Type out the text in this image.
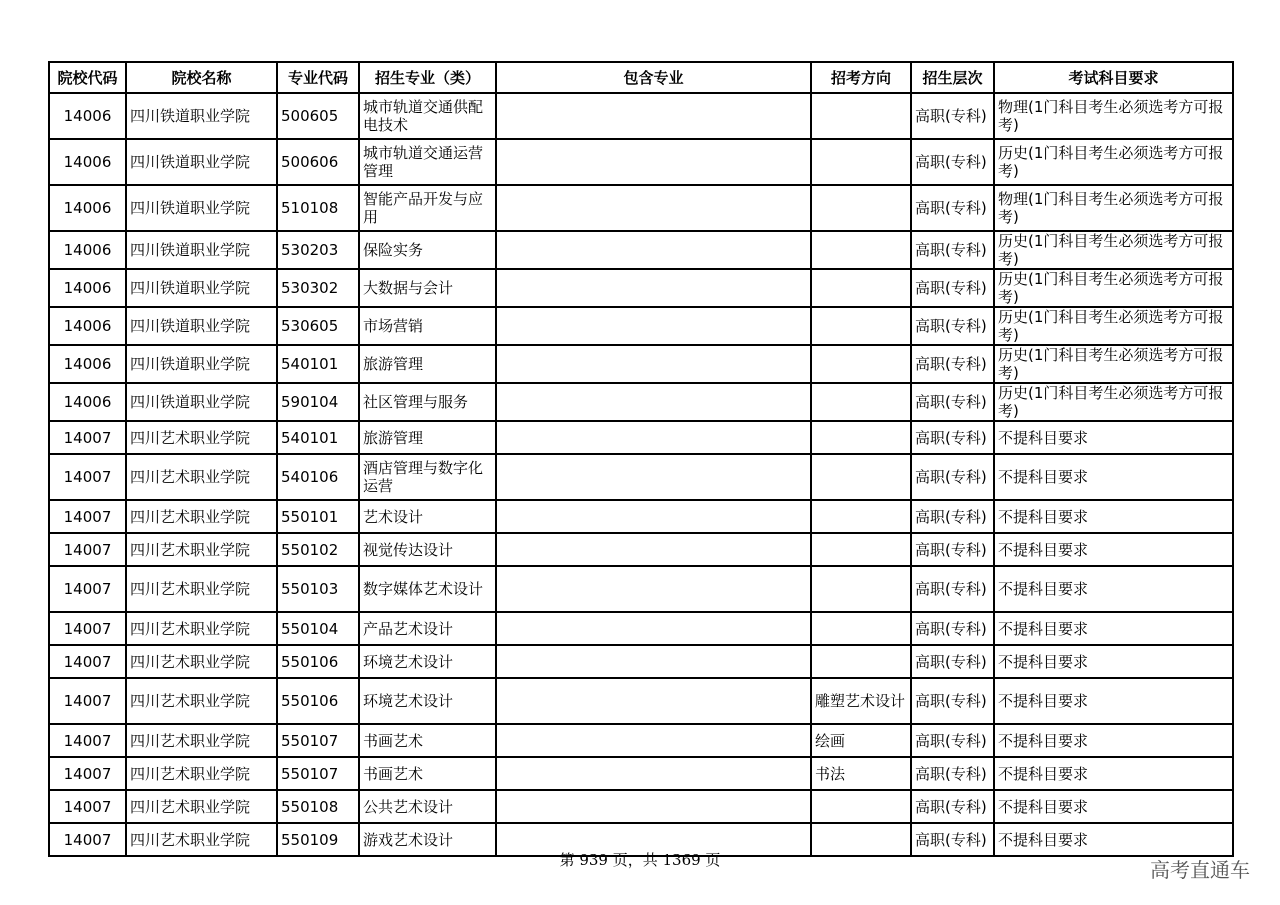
院校代码	院校名称	专业代码	招生专业（类）	包含专业	招考方向	招生层次	考试科目要求
14006	四川铁道职业学院	500605	城市轨道交通供配电技术			高职(专科)	物理(1门科目考生必须选考方可报考)
14006	四川铁道职业学院	500606	城市轨道交通运营管理			高职(专科)	历史(1门科目考生必须选考方可报考)
14006	四川铁道职业学院	510108	智能产品开发与应用			高职(专科)	物理(1门科目考生必须选考方可报考)
14006	四川铁道职业学院	530203	保险实务			高职(专科)	历史(1门科目考生必须选考方可报考)
14006	四川铁道职业学院	530302	大数据与会计			高职(专科)	历史(1门科目考生必须选考方可报考)
14006	四川铁道职业学院	530605	市场营销			高职(专科)	历史(1门科目考生必须选考方可报考)
14006	四川铁道职业学院	540101	旅游管理			高职(专科)	历史(1门科目考生必须选考方可报考)
14006	四川铁道职业学院	590104	社区管理与服务			高职(专科)	历史(1门科目考生必须选考方可报考)
14007	四川艺术职业学院	540101	旅游管理			高职(专科)	不提科目要求
14007	四川艺术职业学院	540106	酒店管理与数字化运营			高职(专科)	不提科目要求
14007	四川艺术职业学院	550101	艺术设计			高职(专科)	不提科目要求
14007	四川艺术职业学院	550102	视觉传达设计			高职(专科)	不提科目要求
14007	四川艺术职业学院	550103	数字媒体艺术设计			高职(专科)	不提科目要求
14007	四川艺术职业学院	550104	产品艺术设计			高职(专科)	不提科目要求
14007	四川艺术职业学院	550106	环境艺术设计			高职(专科)	不提科目要求
14007	四川艺术职业学院	550106	环境艺术设计		雕塑艺术设计	高职(专科)	不提科目要求
14007	四川艺术职业学院	550107	书画艺术		绘画	高职(专科)	不提科目要求
14007	四川艺术职业学院	550107	书画艺术		书法	高职(专科)	不提科目要求
14007	四川艺术职业学院	550108	公共艺术设计			高职(专科)	不提科目要求
14007	四川艺术职业学院	550109	游戏艺术设计			高职(专科)	不提科目要求
第 939 页，共 1369 页	高考直通车
